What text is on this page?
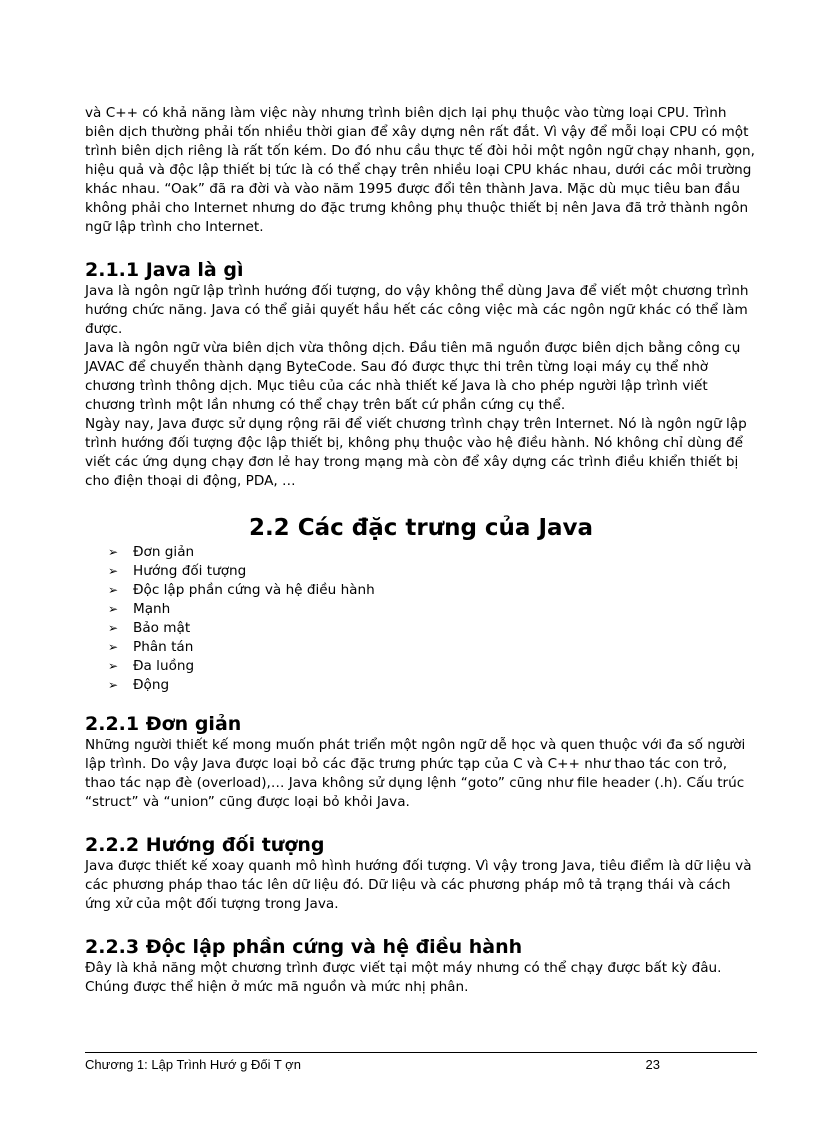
và C++ có khả năng làm việc này nhưng trình biên dịch lại phụ thuộc vào từng loại CPU. Trình biên dịch thường phải tốn nhiều thời gian để xây dựng nên rất đắt. Vì vậy để mỗi loại CPU có một trình biên dịch riêng là rất tốn kém. Do đó nhu cầu thực tế đòi hỏi một ngôn ngữ chạy nhanh, gọn, hiệu quả và độc lập thiết bị tức là có thể chạy trên nhiều loại CPU khác nhau, dưới các môi trường khác nhau. “Oak” đã ra đời và vào năm 1995 được đổi tên thành Java. Mặc dù mục tiêu ban đầu không phải cho Internet nhưng do đặc trưng không phụ thuộc thiết bị nên Java đã trở thành ngôn ngữ lập trình cho Internet.

2.1.1 Java là gì

Java là ngôn ngữ lập trình hướng đối tượng, do vậy không thể dùng Java để viết một chương trình hướng chức năng. Java có thể giải quyết hầu hết các công việc mà các ngôn ngữ khác có thể làm được.

Java là ngôn ngữ vừa biên dịch vừa thông dịch. Đầu tiên mã nguồn được biên dịch bằng công cụ JAVAC để chuyển thành dạng ByteCode. Sau đó được thực thi trên từng loại máy cụ thể nhờ chương trình thông dịch. Mục tiêu của các nhà thiết kế Java là cho phép người lập trình viết chương trình một lần nhưng có thể chạy trên bất cứ phần cứng cụ thể.

Ngày nay, Java được sử dụng rộng rãi để viết chương trình chạy trên Internet. Nó là ngôn ngữ lập trình hướng đối tượng độc lập thiết bị, không phụ thuộc vào hệ điều hành. Nó không chỉ dùng để viết các ứng dụng chạy đơn lẻ hay trong mạng mà còn để xây dựng các trình điều khiển thiết bị cho điện thoại di động, PDA, …

2.2 Các đặc trưng của Java
➢	Đơn giản
➢	Hướng đối tượng
➢	Độc lập phần cứng và hệ điều hành
➢	Mạnh
➢	Bảo mật
➢	Phân tán
➢	Đa luồng
➢	Động
2.2.1 Đơn giản

Những người thiết kế mong muốn phát triển một ngôn ngữ dễ học và quen thuộc với đa số người lập trình. Do vậy Java được loại bỏ các đặc trưng phức tạp của C và C++ như thao tác con trỏ, thao tác nạp đè (overload),… Java không sử dụng lệnh “goto” cũng như file header (.h). Cấu trúc “struct” và “union” cũng được loại bỏ khỏi Java.

2.2.2 Hướng đối tượng

Java được thiết kế xoay quanh mô hình hướng đối tượng. Vì vậy trong Java, tiêu điểm là dữ liệu và các phương pháp thao tác lên dữ liệu đó. Dữ liệu và các phương pháp mô tả trạng thái và cách ứng xử của một đối tượng trong Java.

2.2.3 Độc lập phần cứng và hệ điều hành

Đây là khả năng một chương trình được viết tại một máy nhưng có thể chạy được bất kỳ đâu. Chúng được thể hiện ở mức mã nguồn và mức nhị phân.

Chương 1: Lập Trình Hướ g Đối T ợn	23
